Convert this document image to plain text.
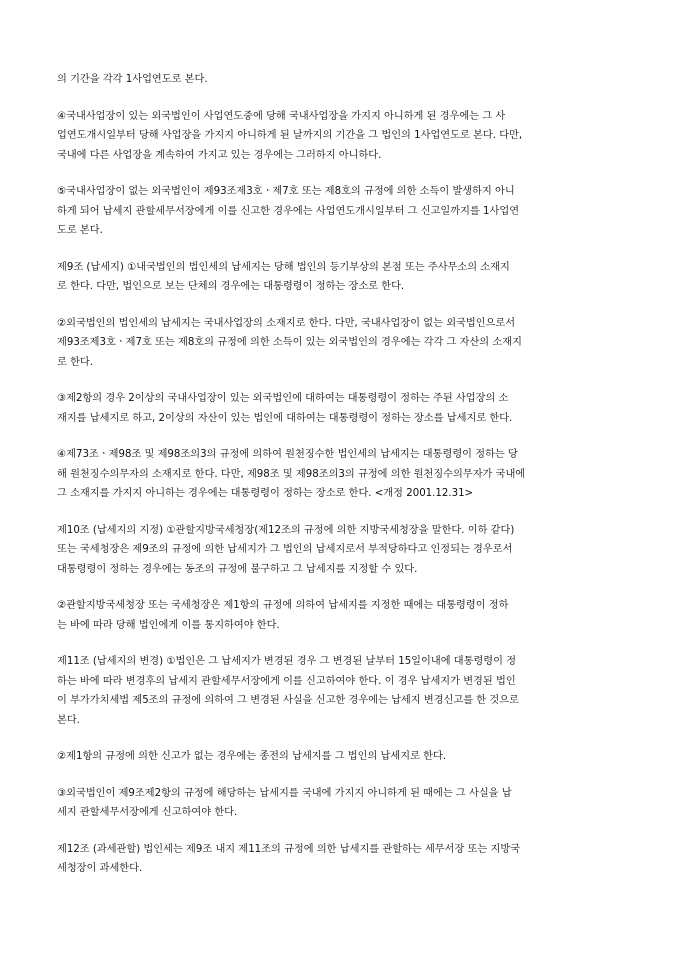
의 기간을 각각 1사업연도로 본다.

④국내사업장이 있는 외국법인이 사업연도중에 당해 국내사업장을 가지지 아니하게 된 경우에는 그 사
업연도개시일부터 당해 사업장을 가지지 아니하게 된 날까지의 기간을 그 법인의 1사업연도로 본다. 다만,
국내에 다른 사업장을 계속하여 가지고 있는 경우에는 그러하지 아니하다.

⑤국내사업장이 없는 외국법인이 제93조제3호ㆍ제7호 또는 제8호의 규정에 의한 소득이 발생하지 아니
하게 되어 납세지 관할세무서장에게 이를 신고한 경우에는 사업연도개시일부터 그 신고일까지를 1사업연
도로 본다.

제9조 (납세지) ①내국법인의 법인세의 납세지는 당해 법인의 등기부상의 본점 또는 주사무소의 소재지
로 한다. 다만, 법인으로 보는 단체의 경우에는 대통령령이 정하는 장소로 한다.

②외국법인의 법인세의 납세지는 국내사업장의 소재지로 한다. 다만, 국내사업장이 없는 외국법인으로서
제93조제3호ㆍ제7호 또는 제8호의 규정에 의한 소득이 있는 외국법인의 경우에는 각각 그 자산의 소재지
로 한다.

③제2항의 경우 2이상의 국내사업장이 있는 외국법인에 대하여는 대통령령이 정하는 주된 사업장의 소
재지를 납세지로 하고, 2이상의 자산이 있는 법인에 대하여는 대통령령이 정하는 장소를 납세지로 한다.

④제73조ㆍ제98조 및 제98조의3의 규정에 의하여 원천징수한 법인세의 납세지는 대통령령이 정하는 당
해 원천징수의무자의 소재지로 한다. 다만, 제98조 및 제98조의3의 규정에 의한 원천징수의무자가 국내에
그 소재지를 가지지 아니하는 경우에는 대통령령이 정하는 장소로 한다. <개정 2001.12.31>

제10조 (납세지의 지정) ①관할지방국세청장(제12조의 규정에 의한 지방국세청장을 말한다. 이하 같다)
또는 국세청장은 제9조의 규정에 의한 납세지가 그 법인의 납세지로서 부적당하다고 인정되는 경우로서
대통령령이 정하는 경우에는 동조의 규정에 불구하고 그 납세지를 지정할 수 있다.

②관할지방국세청장 또는 국세청장은 제1항의 규정에 의하여 납세지를 지정한 때에는 대통령령이 정하
는 바에 따라 당해 법인에게 이를 통지하여야 한다.

제11조 (납세지의 변경) ①법인은 그 납세지가 변경된 경우 그 변경된 날부터 15일이내에 대통령령이 정
하는 바에 따라 변경후의 납세지 관할세무서장에게 이를 신고하여야 한다. 이 경우 납세지가 변경된 법인
이 부가가치세법 제5조의 규정에 의하여 그 변경된 사실을 신고한 경우에는 납세지 변경신고를 한 것으로
본다.

②제1항의 규정에 의한 신고가 없는 경우에는 종전의 납세지를 그 법인의 납세지로 한다.

③외국법인이 제9조제2항의 규정에 해당하는 납세지를 국내에 가지지 아니하게 된 때에는 그 사실을 납
세지 관할세무서장에게 신고하여야 한다.

제12조 (과세관할) 법인세는 제9조 내지 제11조의 규정에 의한 납세지를 관할하는 세무서장 또는 지방국
세청장이 과세한다.
